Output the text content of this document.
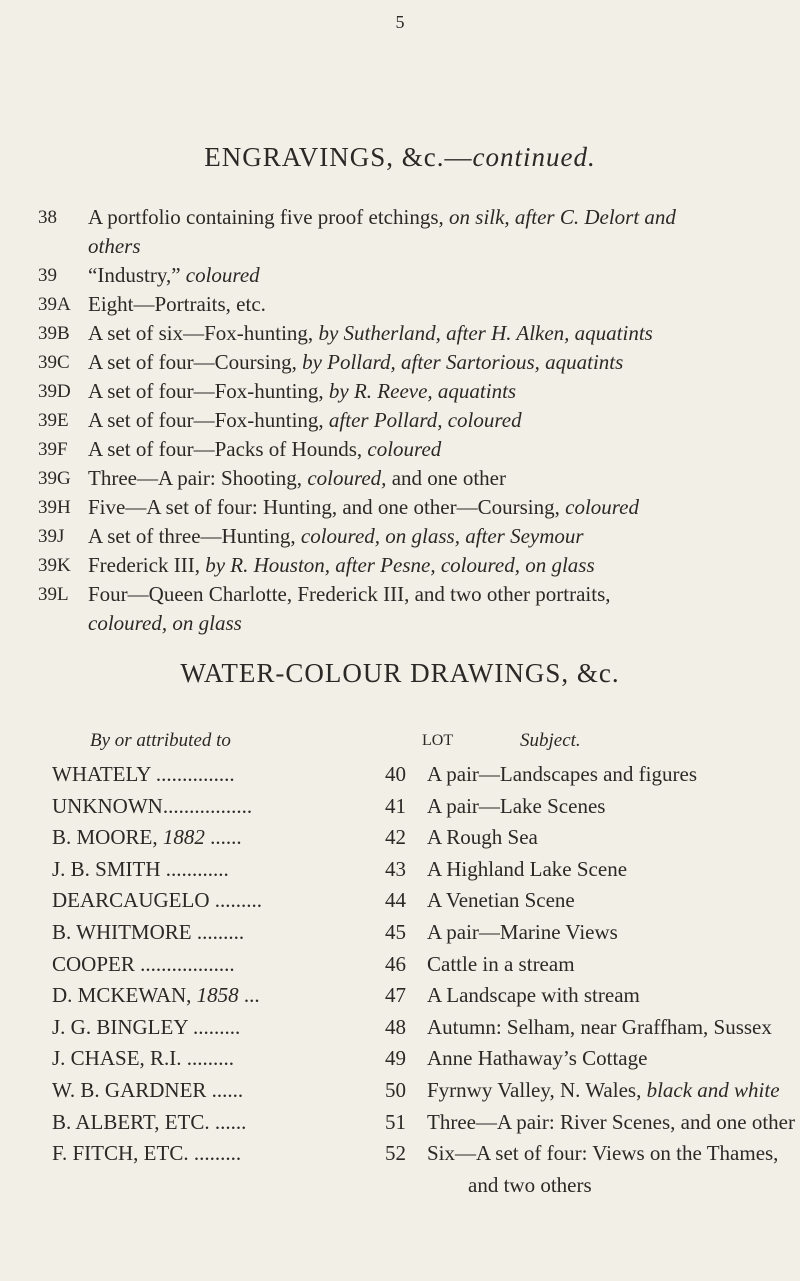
5
ENGRAVINGS, &c.—continued.
38	A portfolio containing five proof etchings, on silk, after C. Delort and
others
39	“Industry,” coloured
39A Eight—Portraits, etc.
39B A set of six—Fox-hunting, by Sutherland, after H. Alken, aquatints
39C A set of four—Coursing, by Pollard, after Sartorious, aquatints
39D A set of four—Fox-hunting, by R. Reeve, aquatints
39E A set of four—Fox-hunting, after Pollard, coloured
39F A set of four—Packs of Hounds, coloured
39G Three—A pair: Shooting, coloured, and one other
39H Five—A set of four: Hunting, and one other—Coursing, coloured
39J	A set of three—Hunting, coloured, on glass, after Seymour
39K Frederick III, by R. Houston, after Pesne, coloured, on glass
39L Four—Queen Charlotte, Frederick III, and two other portraits,
coloured, on glass
WATER-COLOUR DRAWINGS, &c.
By or attributed to	LOT	Subject.
WHATELY ...............	40 A pair—Landscapes and figures
UNKNOWN.................	41 A pair—Lake Scenes
B. MOORE, 1882 ......	42 A Rough Sea
J. B. SMITH ............	43 A Highland Lake Scene
DEARCAUGELO .........	44 A Venetian Scene
B. WHITMORE .........	45 A pair—Marine Views
COOPER ..................	46 Cattle in a stream
D. MCKEWAN, 1858 ...	47 A Landscape with stream
J. G. BINGLEY .........	48 Autumn: Selham, near Graffham, Sussex
J. CHASE, R.I. .........	49 Anne Hathaway’s Cottage
W. B. GARDNER ......	50 Fyrnwy Valley, N. Wales, black and white
B. ALBERT, ETC. ......	51 Three—A pair: River Scenes, and one other
F. FITCH, ETC. .........	52 Six—A set of four: Views on the Thames,
and two others
